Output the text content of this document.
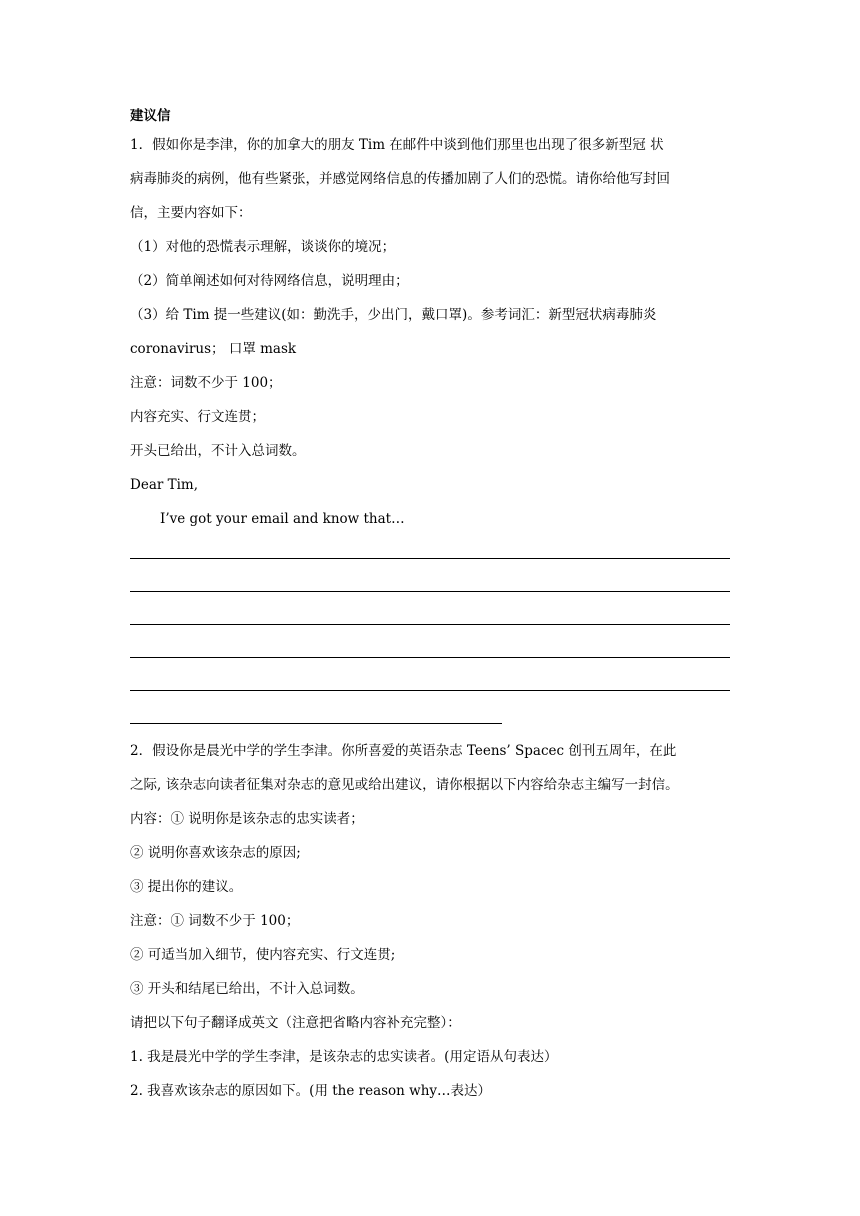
建议信
1．假如你是李津，你的加拿大的朋友 Tim 在邮件中谈到他们那里也出现了很多新型冠 状
病毒肺炎的病例，他有些紧张，并感觉网络信息的传播加剧了人们的恐慌。请你给他写封回
信，主要内容如下：
（1）对他的恐慌表示理解，谈谈你的境况；
（2）简单阐述如何对待网络信息，说明理由；
（3）给 Tim 提一些建议(如：勤洗手，少出门，戴口罩)。参考词汇：新型冠状病毒肺炎
coronavirus； 口罩 mask
注意：词数不少于 100；
内容充实、行文连贯；
开头已给出，不计入总词数。
Dear Tim,
I’ve got your email and know that…
2．假设你是晨光中学的学生李津。你所喜爱的英语杂志 Teens’ Spacec 创刊五周年，在此
之际, 该杂志向读者征集对杂志的意见或给出建议，请你根据以下内容给杂志主编写一封信。
内容：① 说明你是该杂志的忠实读者；
② 说明你喜欢该杂志的原因;
③ 提出你的建议。
注意：① 词数不少于 100；
② 可适当加入细节，使内容充实、行文连贯;
③ 开头和结尾已给出，不计入总词数。
请把以下句子翻译成英文（注意把省略内容补充完整）：
1. 我是晨光中学的学生李津，是该杂志的忠实读者。(用定语从句表达）
2. 我喜欢该杂志的原因如下。(用 the reason why…表达）
